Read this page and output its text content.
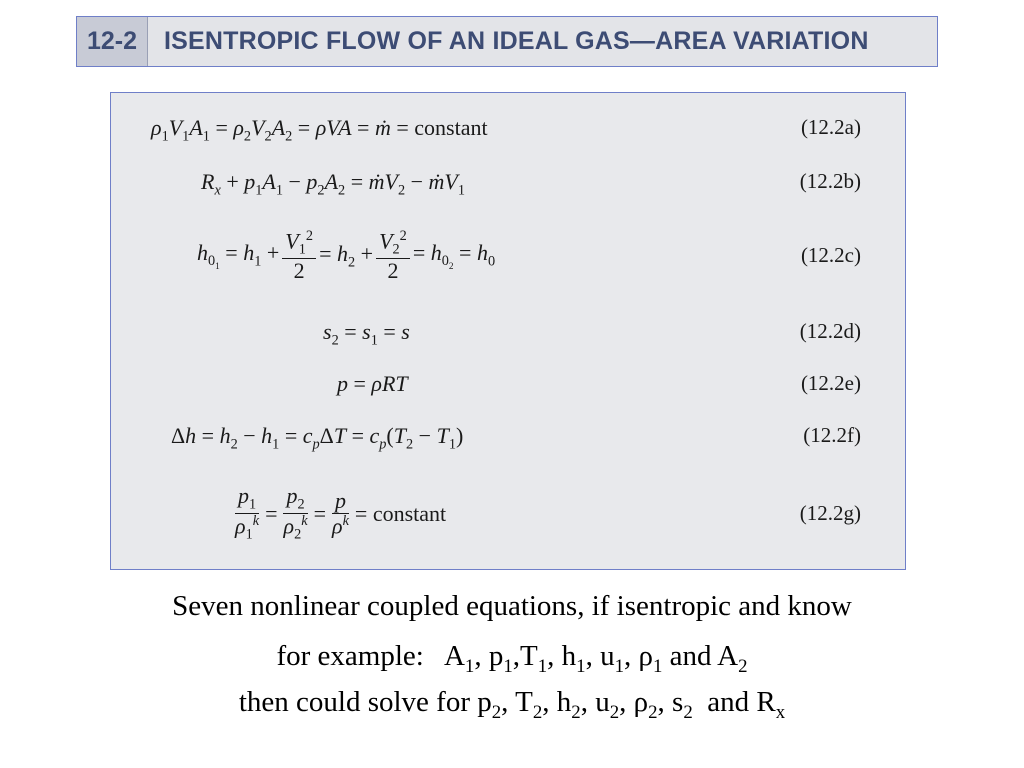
12-2	ISENTROPIC FLOW OF AN IDEAL GAS—AREA VARIATION
$\rho_1V_1A_1 = \rho_2V_2A_2 = \rho VA$ = ṁ = constant	(12.2a)
$R_x + p_1A_1 - p_2A_2$ = ṁV$_2$ − ṁV$_1$	(12.2b)
$h_{0_1} = h_1 + \frac{V_1^2}{2} = h_2 + \frac{V_2^2}{2} = h_{0_2} = h_0$	(12.2c)
$s_2 = s_1 = s$	(12.2d)
p = ρRT	(12.2e)
$\Delta h = h_2 - h_1 = c_p\Delta T = c_p(T_2 - T_1)$	(12.2f)
$\frac{p_1}{\rho_1^k} = \frac{p_2}{\rho_2^k} = \frac{p}{\rho^k}$ = constant	(12.2g)
Seven nonlinear coupled equations, if isentropic and know
for example:   $A_1$, $p_1,T_1$, $h_1$, $u_1$, $\rho_1$ and $A_2$
then could solve for $p_2$, $T_2$, $h_2$, $u_2$, $\rho_2$, $s_2$  and $R_x$
